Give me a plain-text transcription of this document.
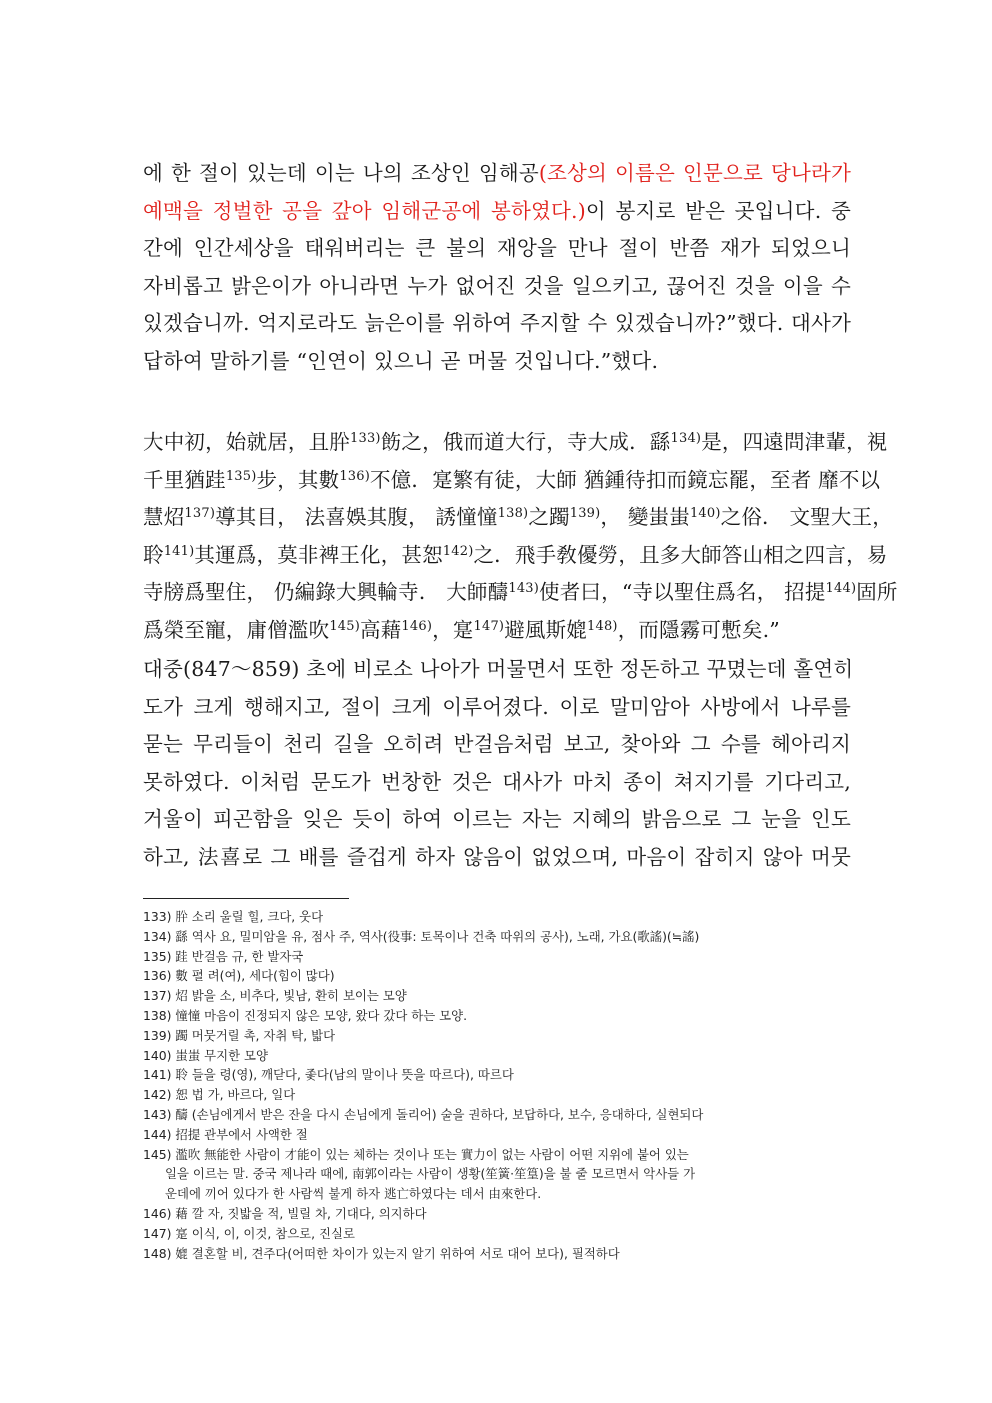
에 한 절이 있는데 이는 나의 조상인 임해공(조상의 이름은 인문으로 당나라가
예맥을 정벌한 공을 갚아 임해군공에 봉하였다.)이 봉지로 받은 곳입니다. 중
간에 인간세상을 태워버리는 큰 불의 재앙을 만나 절이 반쯤 재가 되었으니
자비롭고 밝은이가 아니라면 누가 없어진 것을 일으키고, 끊어진 것을 이을 수
있겠습니까. 억지로라도 늙은이를 위하여 주지할 수 있겠습니까?”했다. 대사가
답하여 말하기를 “인연이 있으니 곧 머물 것입니다.”했다.
大中初，始就居，且肸$^{133)}$飭之，俄而道大行，寺大成．繇$^{134)}$是，四遠問津輩，視
千里猶跬$^{135)}$步，其數$^{136)}$不億．寔繁有徒，大師 猶鍾待扣而鏡忘罷，至者 靡不以
慧炤$^{137)}$導其目， 法喜娛其腹， 誘憧憧$^{138)}$之躅$^{139)}$， 變蚩蚩$^{140)}$之俗． 文聖大王，
聆$^{141)}$其運爲，莫非裨王化，甚恕$^{142)}$之．飛手敎優勞，且多大師答山相之四言，易
寺牓爲聖住， 仍編錄大興輪寺． 大師醻$^{143)}$使者曰，“寺以聖住爲名， 招提$^{144)}$固所
爲榮至寵，庸僧濫吹$^{145)}$高藉$^{146)}$，寔$^{147)}$避風斯媲$^{148)}$，而隱霧可慙矣.”
대중(847～859) 초에 비로소 나아가 머물면서 또한 정돈하고 꾸몄는데 홀연히
도가 크게 행해지고, 절이 크게 이루어졌다. 이로 말미암아 사방에서 나루를
묻는 무리들이 천리 길을 오히려 반걸음처럼 보고, 찾아와 그 수를 헤아리지
못하였다. 이처럼 문도가 번창한 것은 대사가 마치 종이 쳐지기를 기다리고,
거울이 피곤함을 잊은 듯이 하여 이르는 자는 지혜의 밝음으로 그 눈을 인도
하고, 法喜로 그 배를 즐겁게 하자 않음이 없었으며, 마음이 잡히지 않아 머뭇
133) 肸 소리 울릴 힐, 크다, 웃다
134) 繇 역사 요, 밀미암을 유, 점사 주, 역사(役事: 토목이나 건축 따위의 공사), 노래, 가요(歌謠)(≒謠)
135) 跬 반걸음 규, 한 발자국
136) 數 펼 려(여), 세다(힘이 많다)
137) 炤 밝을 소, 비추다, 빛남, 환히 보이는 모양
138) 憧憧 마음이 진정되지 않은 모양, 왔다 갔다 하는 모양.
139) 躅 머뭇거릴 촉, 자취 탁, 밟다
140) 蚩蚩 무지한 모양
141) 聆 들을 령(영), 깨닫다, 좇다(남의 말이나 뜻을 따르다), 따르다
142) 恕 법 가, 바르다, 일다
143) 醻 (손님에게서 받은 잔을 다시 손님에게 돌리어) 술을 권하다, 보답하다, 보수, 응대하다, 실현되다
144) 招提 관부에서 사액한 절
145) 濫吹 無能한 사람이 才能이 있는 체하는 것이나 또는 實力이 없는 사람이 어떤 지위에 붙어 있는
일을 이르는 말. 중국 제나라 때에, 南郭이라는 사람이 생황(笙簧·笙篁)을 불 줄 모르면서 악사들 가
운데에 끼어 있다가 한 사람씩 불게 하자 逃亡하였다는 데서 由來한다.
146) 藉 깔 자, 짓밟을 적, 빌릴 차, 기대다, 의지하다
147) 寔 이식, 이, 이것, 참으로, 진실로
148) 媲 결혼할 비, 견주다(어떠한 차이가 있는지 알기 위하여 서로 대어 보다), 필적하다
